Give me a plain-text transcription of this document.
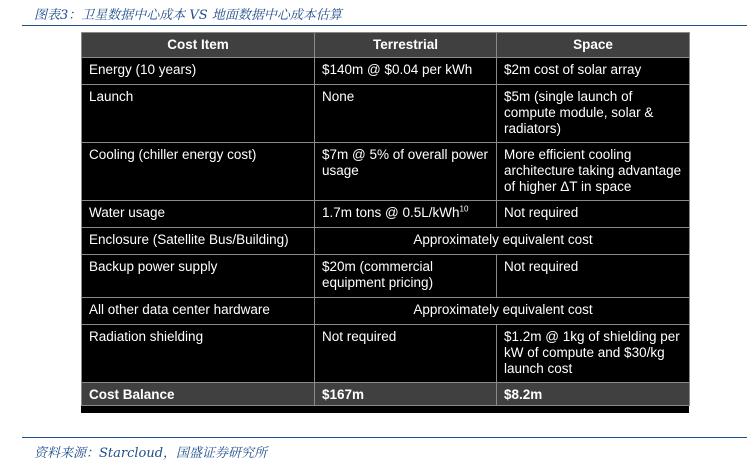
图表3：卫星数据中心成本 VS 地面数据中心成本估算
Cost Item	Terrestrial	Space
Energy (10 years)	$140m @ $0.04 per kWh	$2m cost of solar array
Launch	None	$5m (single launch of compute module, solar & radiators)
Cooling (chiller energy cost)	$7m @ 5% of overall power usage	More efficient cooling architecture taking advantage of higher ΔT in space
Water usage	1.7m tons @ 0.5L/kWh$^{10}$	Not required
Enclosure (Satellite Bus/Building)	Approximately equivalent cost	
Backup power supply	$20m (commercial equipment pricing)	Not required
All other data center hardware	Approximately equivalent cost	
Radiation shielding	Not required	$1.2m @ 1kg of shielding per kW of compute and $30/kg launch cost
Cost Balance	$167m	$8.2m
资料来源：Starcloud，国盛证券研究所
